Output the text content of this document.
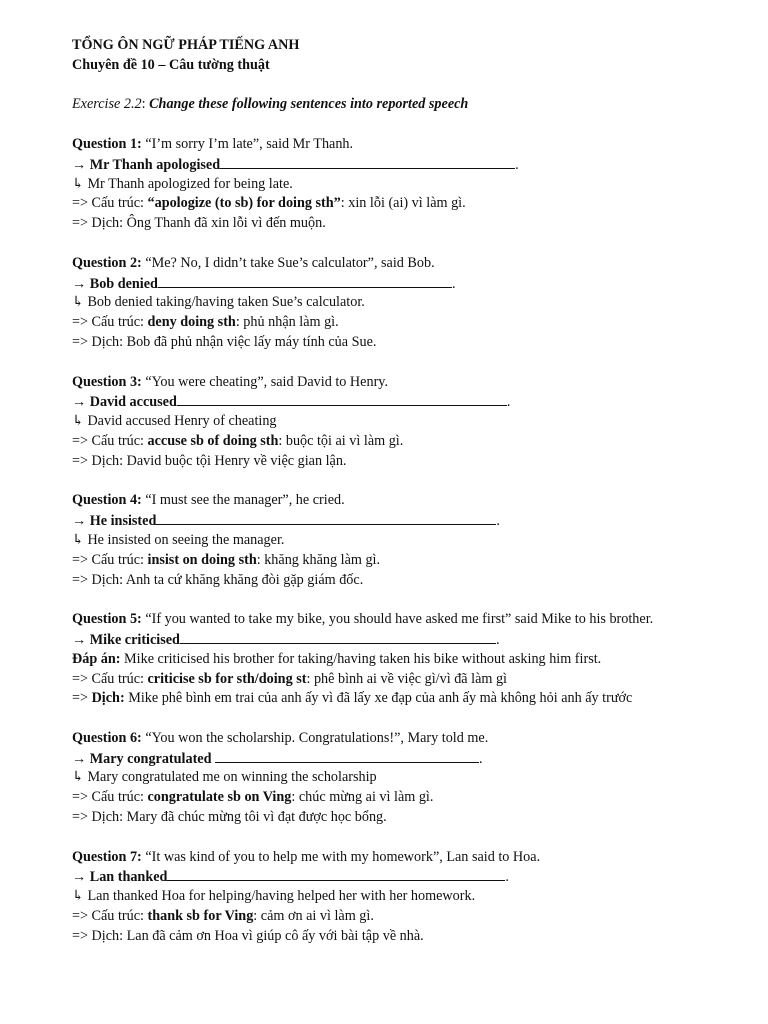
TỔNG ÔN NGỮ PHÁP TIẾNG ANH
Chuyên đề 10 – Câu tường thuật
Exercise 2.2: Change these following sentences into reported speech
Question 1: “I’m sorry I’m late”, said Mr Thanh.
→ Mr Thanh apologised	.
↳ Mr Thanh apologized for being late.
=> Cấu trúc: “apologize (to sb) for doing sth”: xin lỗi (ai) vì làm gì.
=> Dịch: Ông Thanh đã xin lỗi vì đến muộn.
Question 2: “Me? No, I didn’t take Sue’s calculator”, said Bob.
→ Bob denied	.
↳ Bob denied taking/having taken Sue’s calculator.
=> Cấu trúc: deny doing sth: phủ nhận làm gì.
=> Dịch: Bob đã phủ nhận việc lấy máy tính của Sue.
Question 3: “You were cheating”, said David to Henry.
→ David accused	.
↳ David accused Henry of cheating
=> Cấu trúc: accuse sb of doing sth: buộc tội ai vì làm gì.
=> Dịch: David buộc tội Henry về việc gian lận.
Question 4: “I must see the manager”, he cried.
→ He insisted	.
↳ He insisted on seeing the manager.
=> Cấu trúc: insist on doing sth: khăng khăng làm gì.
=> Dịch: Anh ta cứ khăng khăng đòi gặp giám đốc.
Question 5: “If you wanted to take my bike, you should have asked me first” said Mike to his brother.
→ Mike criticised	.
Đáp án: Mike criticised his brother for taking/having taken his bike without asking him first.
=> Cấu trúc: criticise sb for sth/doing st: phê bình ai về việc gì/vì đã làm gì
=> Dịch: Mike phê bình em trai của anh ấy vì đã lấy xe đạp của anh ấy mà không hỏi anh ấy trước
Question 6: “You won the scholarship. Congratulations!”, Mary told me.
→ Mary congratulated	.
↳ Mary congratulated me on winning the scholarship
=> Cấu trúc: congratulate sb on Ving: chúc mừng ai vì làm gì.
=> Dịch: Mary đã chúc mừng tôi vì đạt được học bổng.
Question 7: “It was kind of you to help me with my homework”, Lan said to Hoa.
→ Lan thanked	.
↳ Lan thanked Hoa for helping/having helped her with her homework.
=> Cấu trúc: thank sb for Ving: cảm ơn ai vì làm gì.
=> Dịch: Lan đã cảm ơn Hoa vì giúp cô ấy với bài tập về nhà.
